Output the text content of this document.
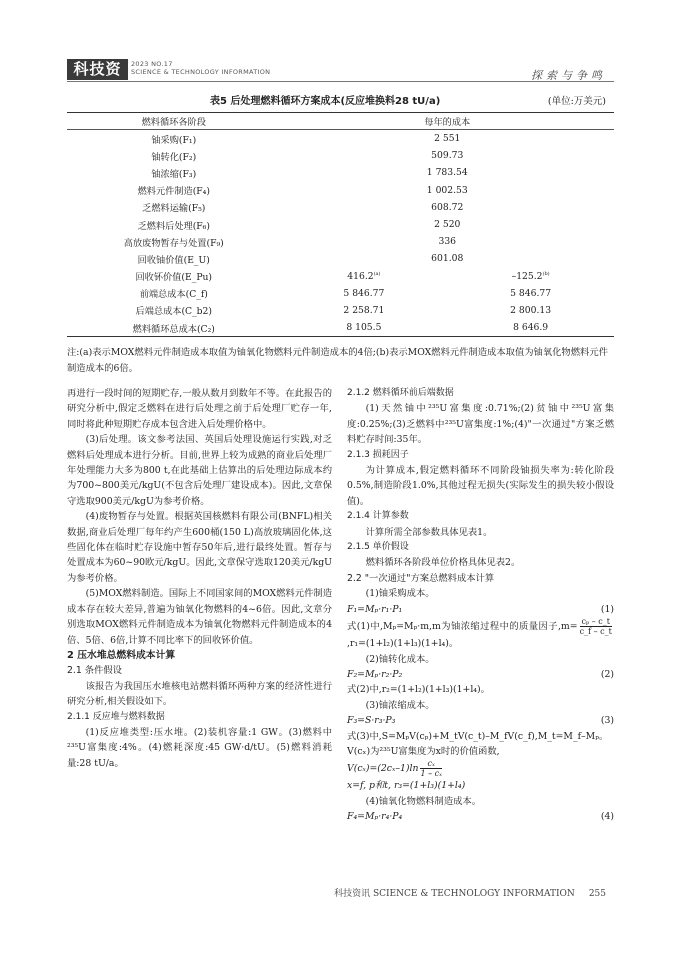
科技资讯
2023 NO.17
SCIENCE & TECHNOLOGY INFORMATION	探索与争鸣
表5 后处理燃料循环方案成本(反应堆换料28 tU/a)	(单位:万美元)
燃料循环各阶段	每年的成本	
铀采购(F₁)	2 551	
铀转化(F₂)	509.73	
铀浓缩(F₃)	1 783.54	
燃料元件制造(F₄)	1 002.53	
乏燃料运输(F₅)	608.72	
乏燃料后处理(F₆)	2 520	
高放废物暂存与处置(F₉)	336	
回收铀价值(E_U)	601.08	
回收钚价值(E_Pu)	416.2$^{(a)}$	–125.2$^{(b)}$
前端总成本(C_f)	5 846.77	5 846.77
后端总成本(C_b2)	2 258.71	2 800.13
燃料循环总成本(C₂)	8 105.5	8 646.9
注:(a)表示MOX燃料元件制造成本取值为铀氧化物燃料元件制造成本的4倍;(b)表示MOX燃料元件制造成本取值为铀氧化物燃料元件制造成本的6倍。

再进行一段时间的短期贮存,一般从数月到数年不等。在此报告的研究分析中,假定乏燃料在进行后处理之前于后处理厂贮存一年,同时将此种短期贮存成本包含进入后处理价格中。

(3)后处理。该文参考法国、英国后处理设施运行实践,对乏燃料后处理成本进行分析。目前,世界上较为成熟的商业后处理厂年处理能力大多为800 t,在此基础上估算出的后处理边际成本约为700~800美元/kgU(不包含后处理厂建设成本)。因此,文章保守选取900美元/kgU为参考价格。

(4)废物暂存与处置。根据英国核燃料有限公司(BNFL)相关数据,商业后处理厂每年约产生600桶(150 L)高放玻璃固化体,这些固化体在临时贮存设施中暂存50年后,进行最终处置。暂存与处置成本为60~90欧元/kgU。因此,文章保守选取120美元/kgU为参考价格。

(5)MOX燃料制造。国际上不同国家间的MOX燃料元件制造成本存在较大差异,普遍为铀氧化物燃料的4~6倍。因此,文章分别选取MOX燃料元件制造成本为铀氧化物燃料元件制造成本的4倍、5倍、6倍,计算不同比率下的回收钚价值。

2 压水堆总燃料成本计算

2.1 条件假设

该报告为我国压水堆核电站燃料循环两种方案的经济性进行研究分析,相关假设如下。

2.1.1 反应堆与燃料数据

(1)反应堆类型:压水堆。(2)装机容量:1 GW。(3)燃料中²³⁵U富集度:4%。(4)燃耗深度:45 GW·d/tU。(5)燃料消耗量:28 tU/a。

2.1.2 燃料循环前后端数据

(1)天然铀中²³⁵U富集度:0.71%;(2)贫铀中²³⁵U富集度:0.25%;(3)乏燃料中²³⁵U富集度:1%;(4)"一次通过"方案乏燃料贮存时间:35年。

2.1.3 损耗因子

为计算成本,假定燃料循环不同阶段铀损失率为:转化阶段0.5%,制造阶段1.0%,其他过程无损失(实际发生的损失较小假设值)。

2.1.4 计算参数

计算所需全部参数具体见表1。

2.1.5 单价假设

燃料循环各阶段单位价格具体见表2。

2.2 "一次通过"方案总燃料成本计算

(1)铀采购成本。

F₁=Mₚ·r₁·P₁	(1)

式(1)中,Mₚ=Mₚ·m,m为铀浓缩过程中的质量因子$,m= \frac{\text{cₚ – c\_t}}{c\_f - c\_t},r_1=(1+l_2)(1+l_3)(1+l_4)$。

(2)铀转化成本。

F₂=Mₚ·r₂·P₂	(2)

式(2)中,r₂=(1+l₂)(1+l₃)(1+l₄)。

(3)铀浓缩成本。

F₃=S·r₃·P₃	(3)

式(3)中,S=MₚV(cₚ)+M_tV(c_t)–M_fV(c_f),M_t=M_f–Mₚ。

V(cₓ)为²³⁵U富集度为x时的价值函数,

$V(c_x)=(2c_x-1)\ln \frac{\text{cₓ}}{\text{1 – cₓ}}$

x=f, p和t, r₃=(1+l₃)(1+l₄)

(4)铀氧化物燃料制造成本。

F₄=Mₚ·r₄·P₄	(4)

科技资讯 SCIENCE & TECHNOLOGY INFORMATION 255
